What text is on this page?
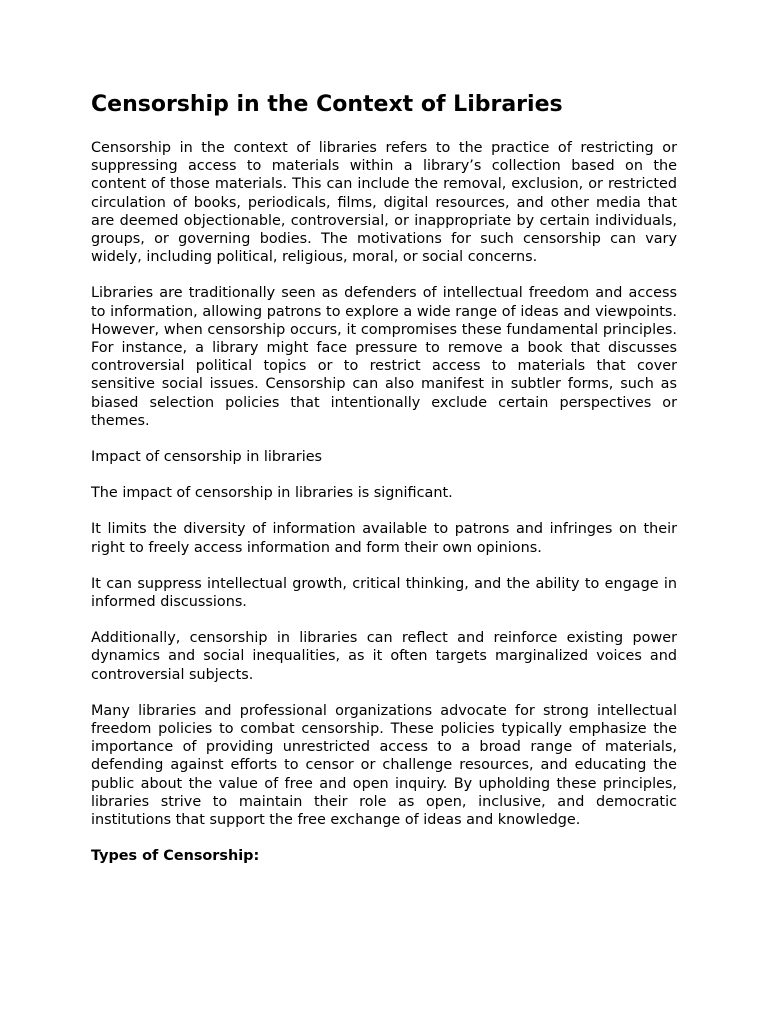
Censorship in the Context of Libraries

Censorship in the context of libraries refers to the practice of restricting or suppressing access to materials within a library’s collection based on the content of those materials. This can include the removal, exclusion, or restricted circulation of books, periodicals, films, digital resources, and other media that are deemed objectionable, controversial, or inappropriate by certain individuals, groups, or governing bodies. The motivations for such censorship can vary widely, including political, religious, moral, or social concerns.

Libraries are traditionally seen as defenders of intellectual freedom and access to information, allowing patrons to explore a wide range of ideas and viewpoints. However, when censorship occurs, it compromises these fundamental principles. For instance, a library might face pressure to remove a book that discusses controversial political topics or to restrict access to materials that cover sensitive social issues. Censorship can also manifest in subtler forms, such as biased selection policies that intentionally exclude certain perspectives or themes.

Impact of censorship in libraries

The impact of censorship in libraries is significant.

It limits the diversity of information available to patrons and infringes on their right to freely access information and form their own opinions.

It can suppress intellectual growth, critical thinking, and the ability to engage in informed discussions.

Additionally, censorship in libraries can reflect and reinforce existing power dynamics and social inequalities, as it often targets marginalized voices and controversial subjects.

Many libraries and professional organizations advocate for strong intellectual freedom policies to combat censorship. These policies typically emphasize the importance of providing unrestricted access to a broad range of materials, defending against efforts to censor or challenge resources, and educating the public about the value of free and open inquiry. By upholding these principles, libraries strive to maintain their role as open, inclusive, and democratic institutions that support the free exchange of ideas and knowledge.

Types of Censorship:
